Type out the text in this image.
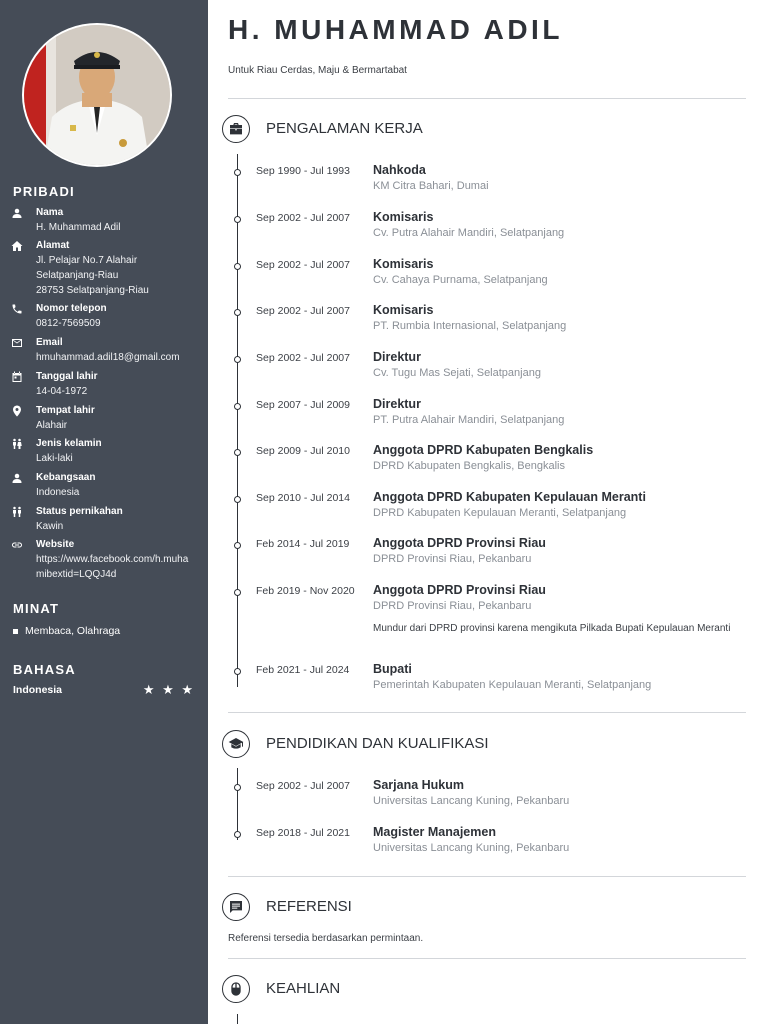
PRIBADI
Nama
H. Muhammad Adil
Alamat
Jl. Pelajar No.7 Alahair
Selatpanjang-Riau
28753 Selatpanjang-Riau
Nomor telepon
0812-7569509
Email
hmuhammad.adil18@gmail.com
Tanggal lahir
14-04-1972
Tempat lahir
Alahair
Jenis kelamin
Laki-laki
Kebangsaan
Indonesia
Status pernikahan
Kawin
Website
https://www.facebook.com/h.muha
mibextid=LQQJ4d
MINAT
Membaca, Olahraga
BAHASA
Indonesia	★ ★ ★
H. MUHAMMAD ADIL
Untuk Riau Cerdas, Maju & Bermartabat
PENGALAMAN KERJA
Sep 1990 - Jul 1993 Nahkoda
KM Citra Bahari, Dumai
Sep 2002 - Jul 2007 Komisaris
Cv. Putra Alahair Mandiri, Selatpanjang
Sep 2002 - Jul 2007 Komisaris
Cv. Cahaya Purnama, Selatpanjang
Sep 2002 - Jul 2007 Komisaris
PT. Rumbia Internasional, Selatpanjang
Sep 2002 - Jul 2007 Direktur
Cv. Tugu Mas Sejati, Selatpanjang
Sep 2007 - Jul 2009 Direktur
PT. Putra Alahair Mandiri, Selatpanjang
Sep 2009 - Jul 2010 Anggota DPRD Kabupaten Bengkalis
DPRD Kabupaten Bengkalis, Bengkalis
Sep 2010 - Jul 2014 Anggota DPRD Kabupaten Kepulauan Meranti
DPRD Kabupaten Kepulauan Meranti, Selatpanjang
Feb 2014 - Jul 2019 Anggota DPRD Provinsi Riau
DPRD Provinsi Riau, Pekanbaru
Feb 2019 - Nov 2020 Anggota DPRD Provinsi Riau
DPRD Provinsi Riau, Pekanbaru
Mundur dari DPRD provinsi karena mengikuta Pilkada Bupati Kepulauan Meranti
Feb 2021 - Jul 2024 Bupati
Pemerintah Kabupaten Kepulauan Meranti, Selatpanjang
PENDIDIKAN DAN KUALIFIKASI
Sep 2002 - Jul 2007 Sarjana Hukum
Universitas Lancang Kuning, Pekanbaru
Sep 2018 - Jul 2021 Magister Manajemen
Universitas Lancang Kuning, Pekanbaru
REFERENSI
Referensi tersedia berdasarkan permintaan.
KEAHLIAN
